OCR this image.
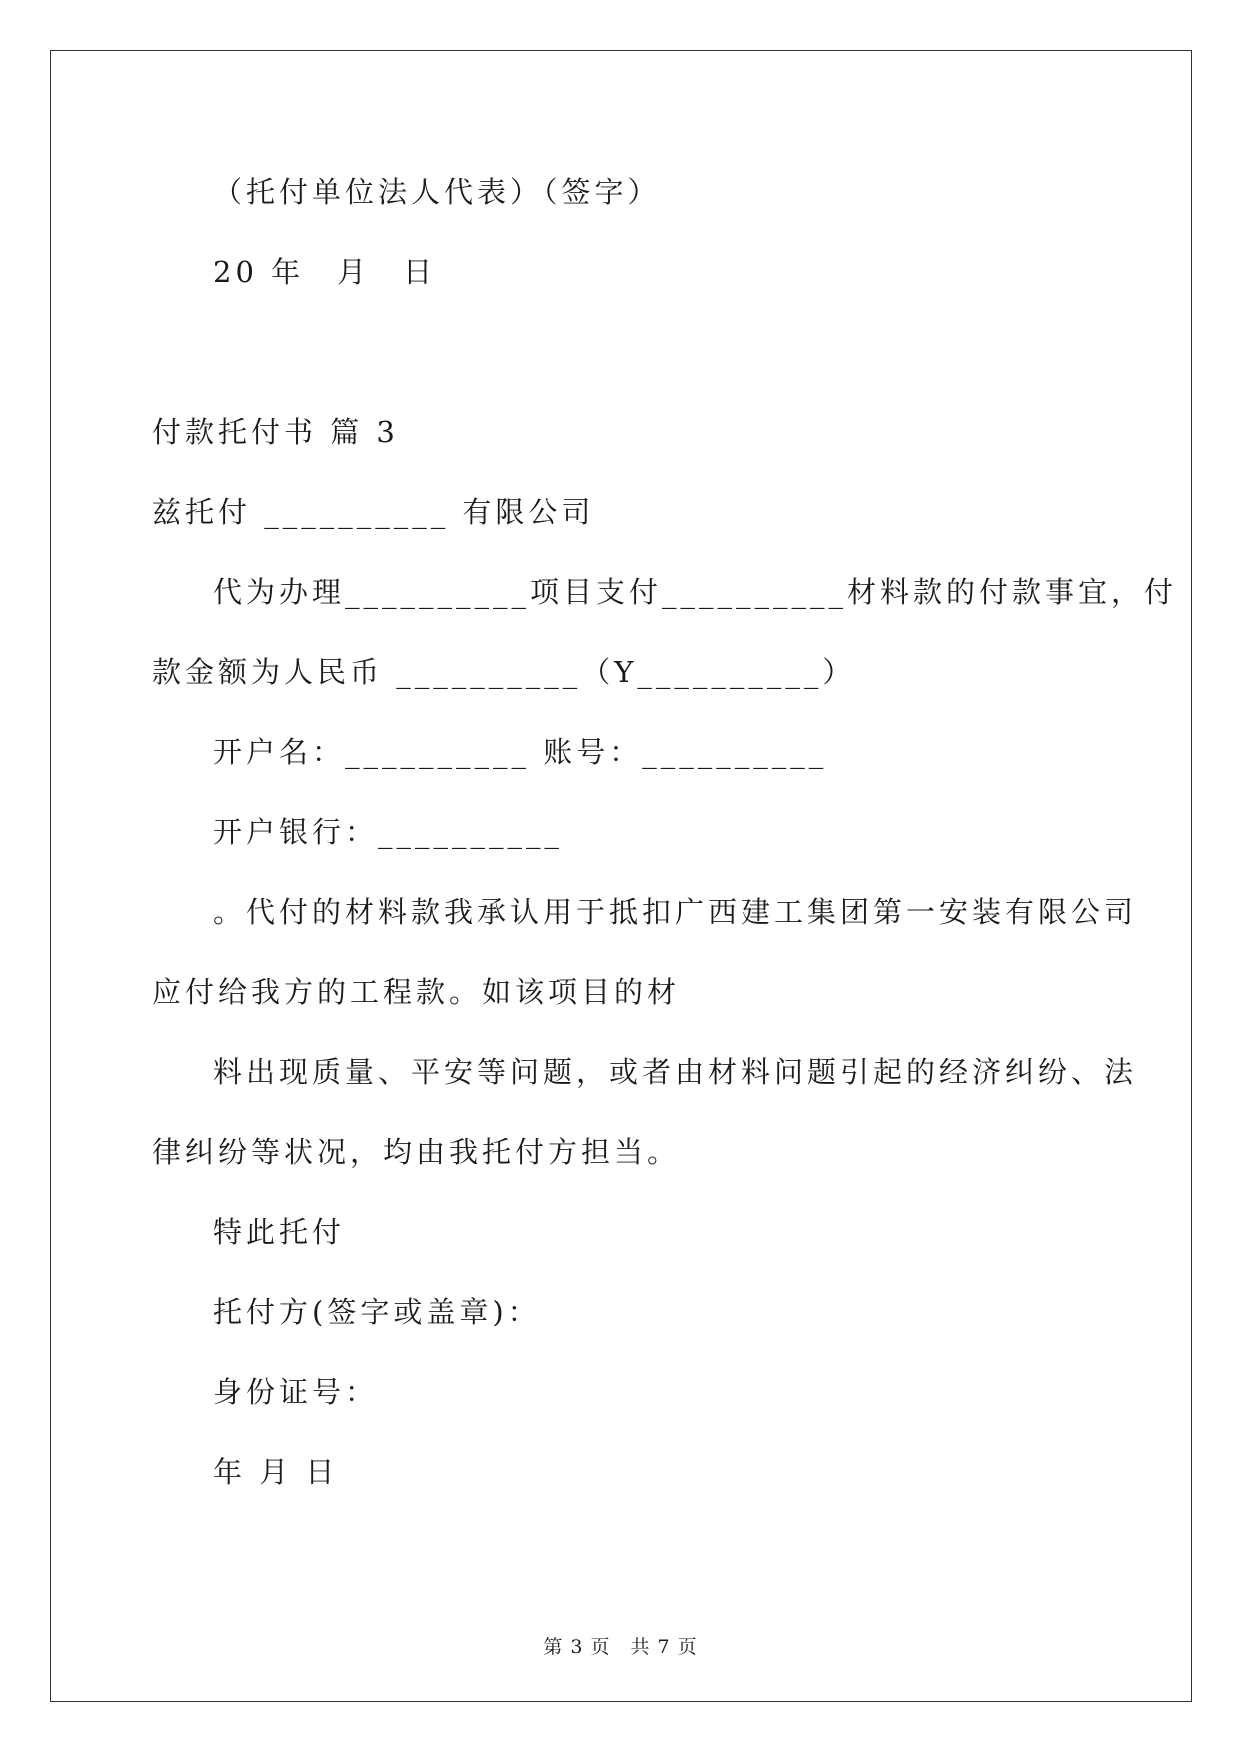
（托付单位法人代表）（签字）
20 年　月　日
付款托付书 篇 3
兹托付 __________ 有限公司
代为办理__________项目支付__________材料款的付款事宜，付
款金额为人民币 __________（Y__________）
开户名：__________ 账号：__________
开户银行：__________
。代付的材料款我承认用于抵扣广西建工集团第一安装有限公司
应付给我方的工程款。如该项目的材
料出现质量、平安等问题，或者由材料问题引起的经济纠纷、法
律纠纷等状况，均由我托付方担当。
特此托付
托付方(签字或盖章)：
身份证号：
年 月 日
第 3 页　共 7 页
